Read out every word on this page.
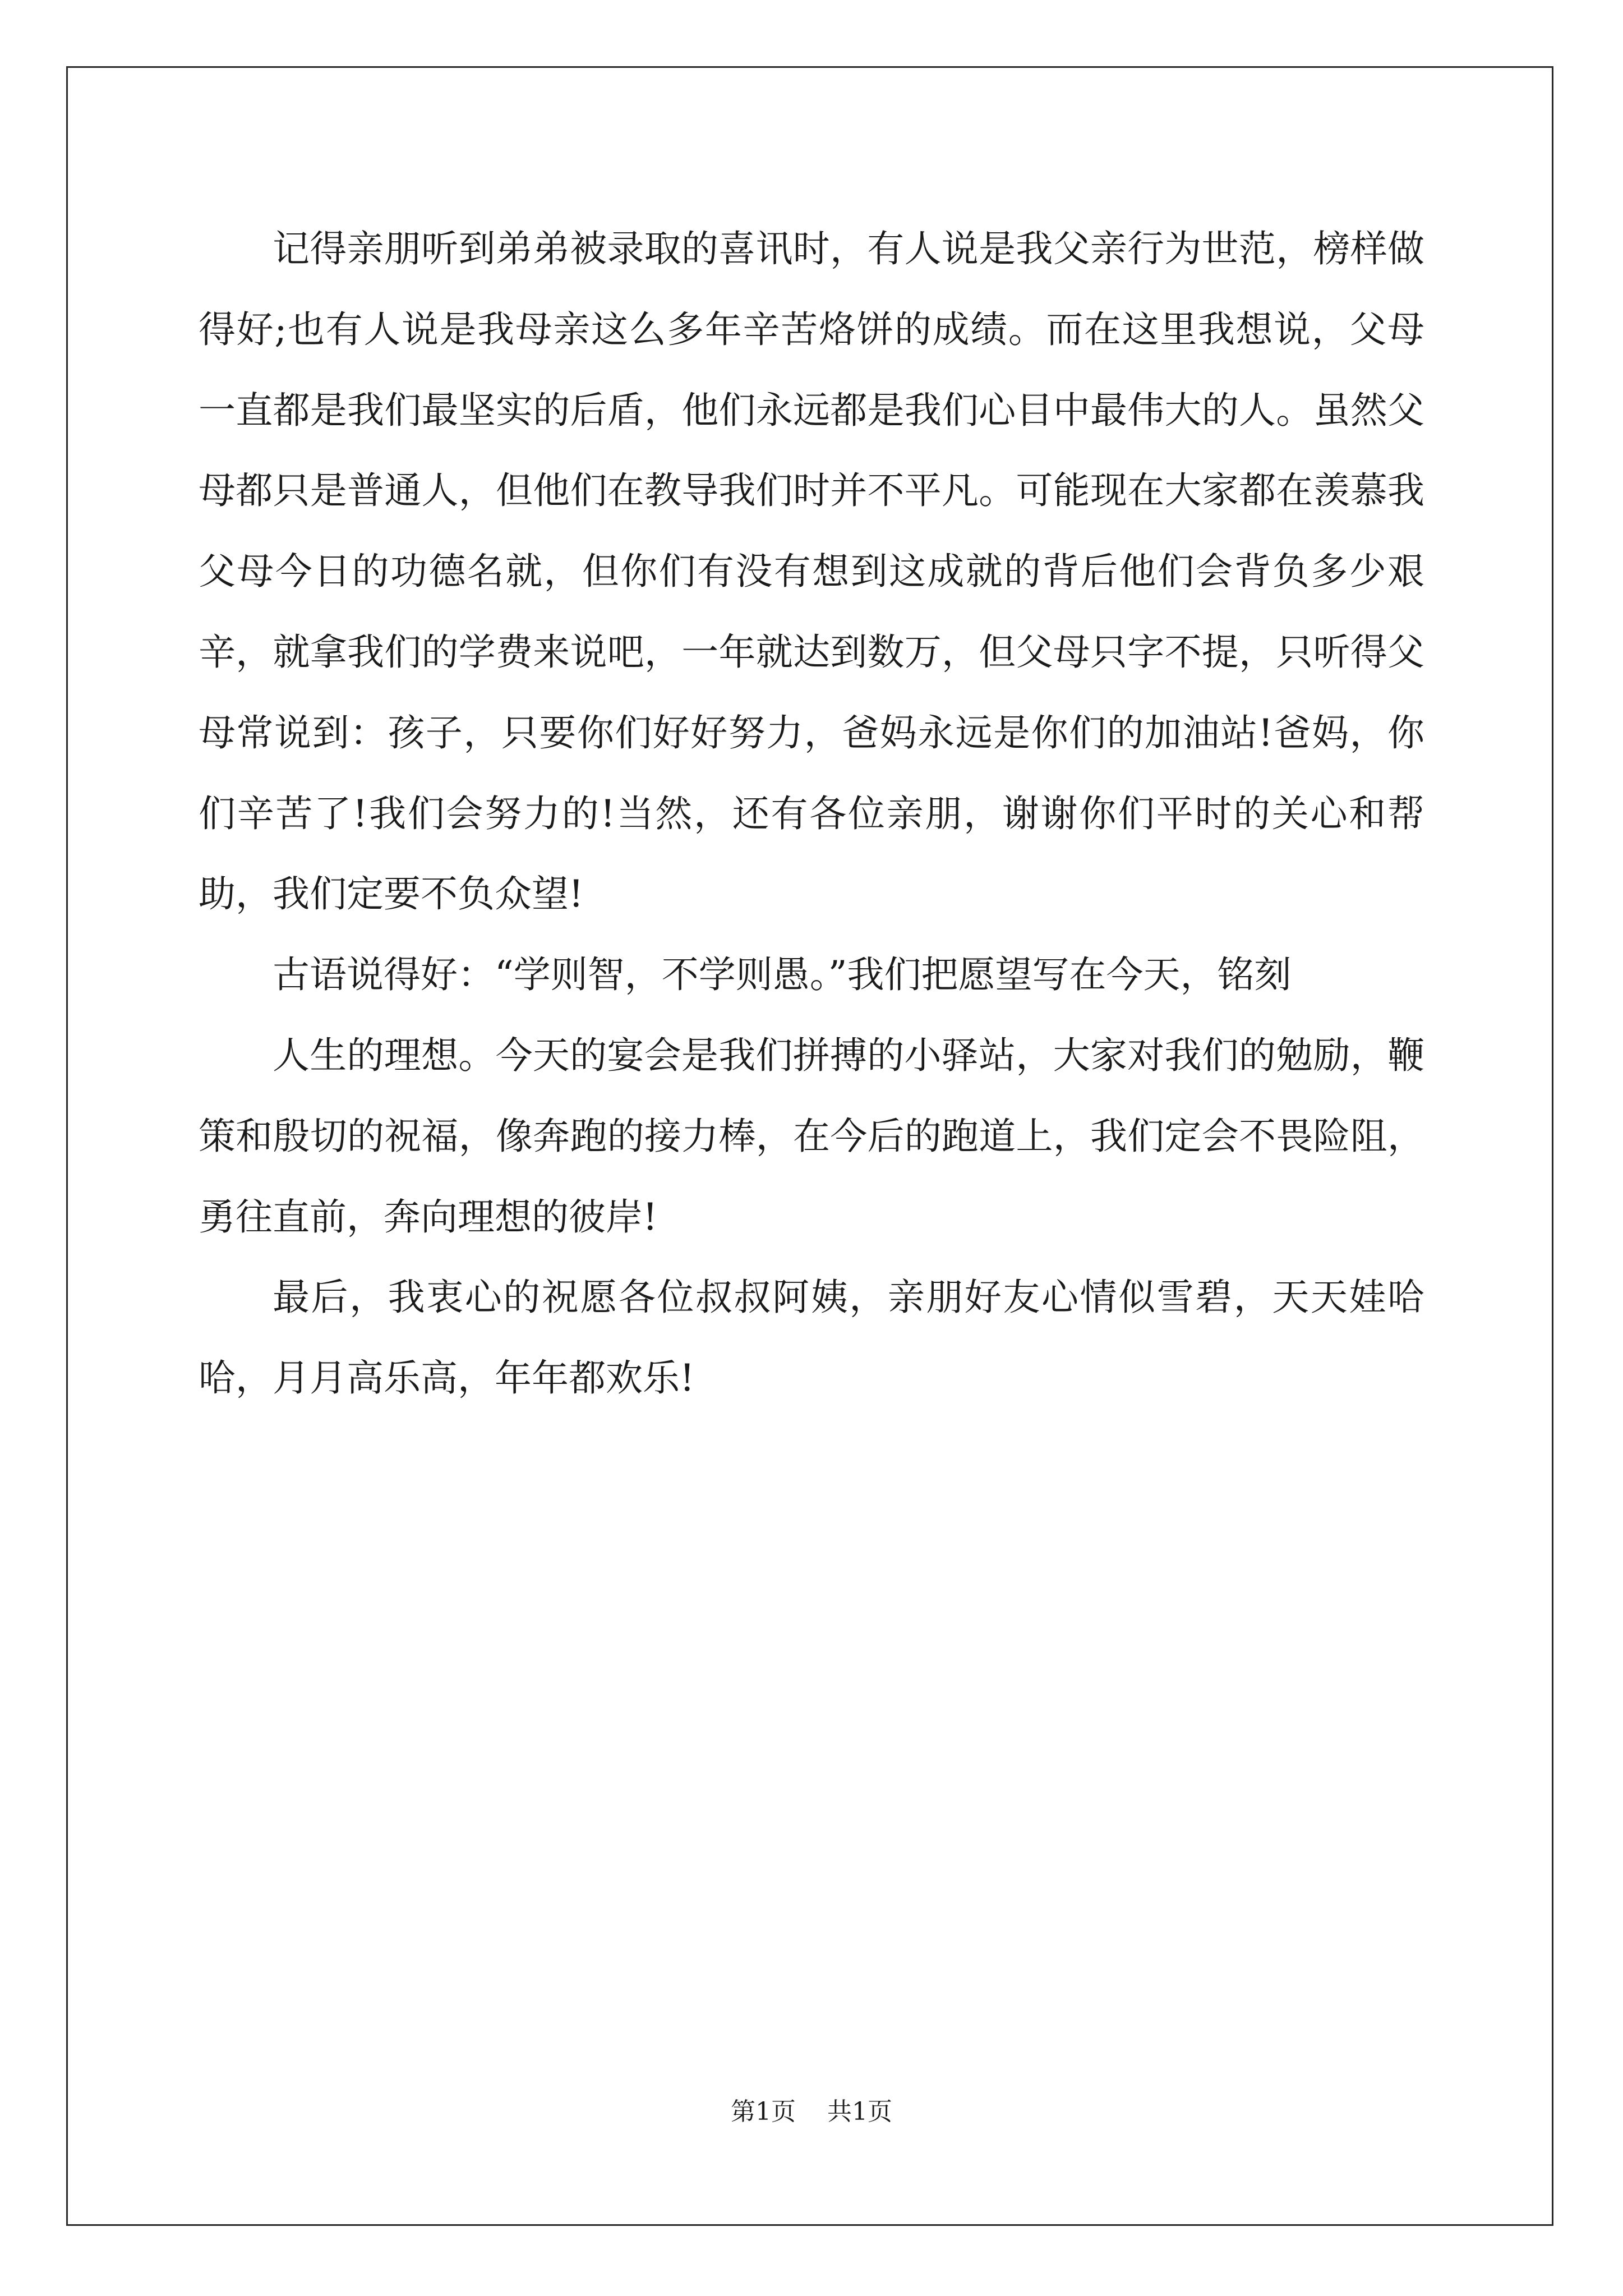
记得亲朋听到弟弟被录取的喜讯时，有人说是我父亲行为世范，榜样做得好;也有人说是我母亲这么多年辛苦烙饼的成绩。而在这里我想说，父母一直都是我们最坚实的后盾，他们永远都是我们心目中最伟大的人。虽然父母都只是普通人，但他们在教导我们时并不平凡。可能现在大家都在羡慕我父母今日的功德名就，但你们有没有想到这成就的背后他们会背负多少艰辛，就拿我们的学费来说吧，一年就达到数万，但父母只字不提，只听得父母常说到：孩子，只要你们好好努力，爸妈永远是你们的加油站!爸妈，你们辛苦了!我们会努力的!当然，还有各位亲朋，谢谢你们平时的关心和帮助，我们定要不负众望!

古语说得好：“学则智，不学则愚。”我们把愿望写在今天，铭刻

人生的理想。今天的宴会是我们拼搏的小驿站，大家对我们的勉励，鞭策和殷切的祝福，像奔跑的接力棒，在今后的跑道上，我们定会不畏险阻，勇往直前，奔向理想的彼岸!

最后，我衷心的祝愿各位叔叔阿姨，亲朋好友心情似雪碧，天天娃哈哈，月月高乐高，年年都欢乐!

第1页 共1页
